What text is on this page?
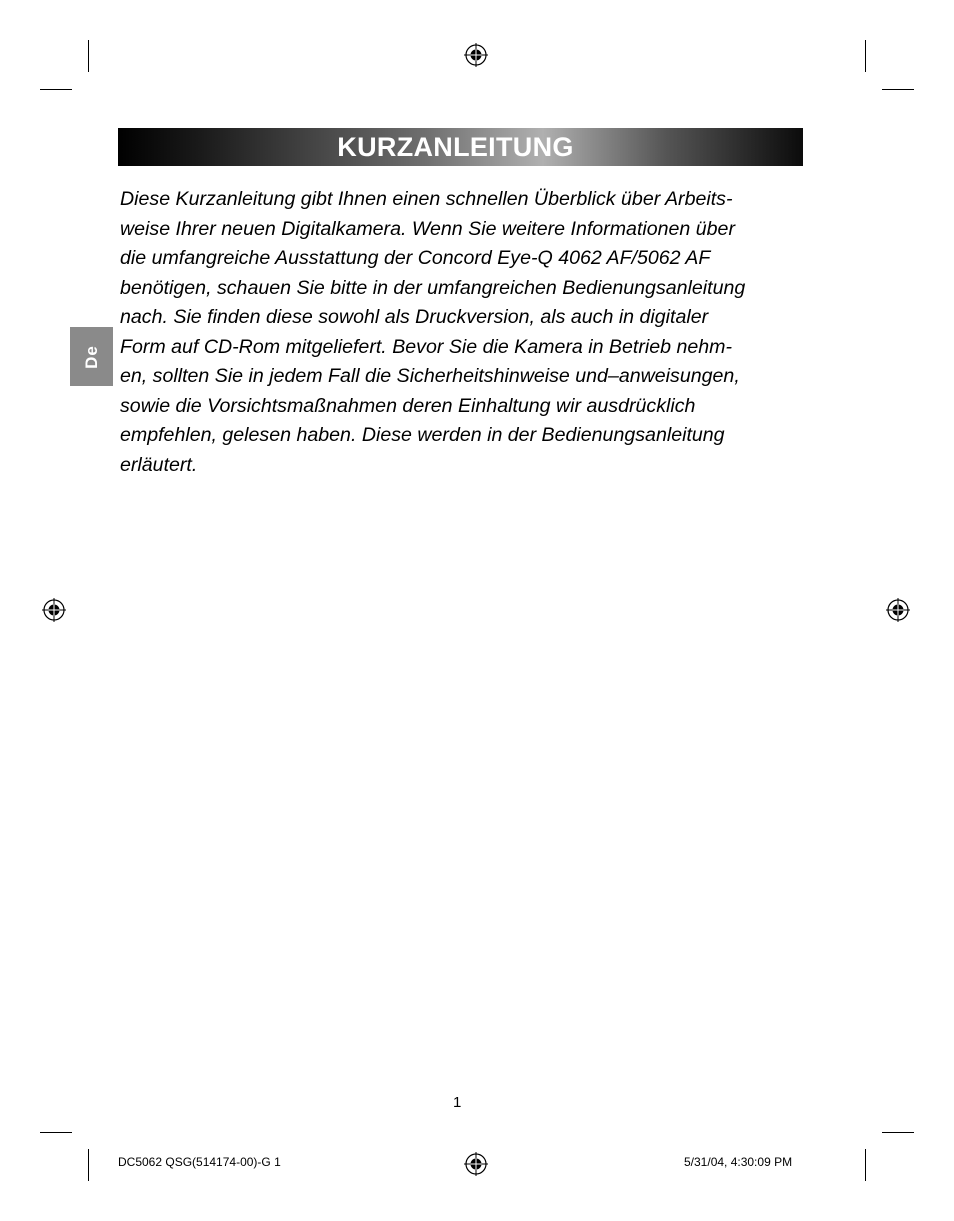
KURZANLEITUNG
De

Diese Kurzanleitung gibt Ihnen einen schnellen Überblick über Arbeits-
weise Ihrer neuen Digitalkamera. Wenn Sie weitere Informationen über
die umfangreiche Ausstattung der Concord Eye-Q 4062 AF/5062 AF
benötigen, schauen Sie bitte in der umfangreichen Bedienungsanleitung
nach. Sie finden diese sowohl als Druckversion, als auch in digitaler
Form auf CD-Rom mitgeliefert. Bevor Sie die Kamera in Betrieb nehm-
en, sollten Sie in jedem Fall die Sicherheitshinweise und–anweisungen,
sowie die Vorsichtsmaßnahmen deren Einhaltung wir ausdrücklich
empfehlen, gelesen haben. Diese werden in der Bedienungsanleitung
erläutert.

1
DC5062 QSG(514174-00)-G 1	5/31/04, 4:30:09 PM
